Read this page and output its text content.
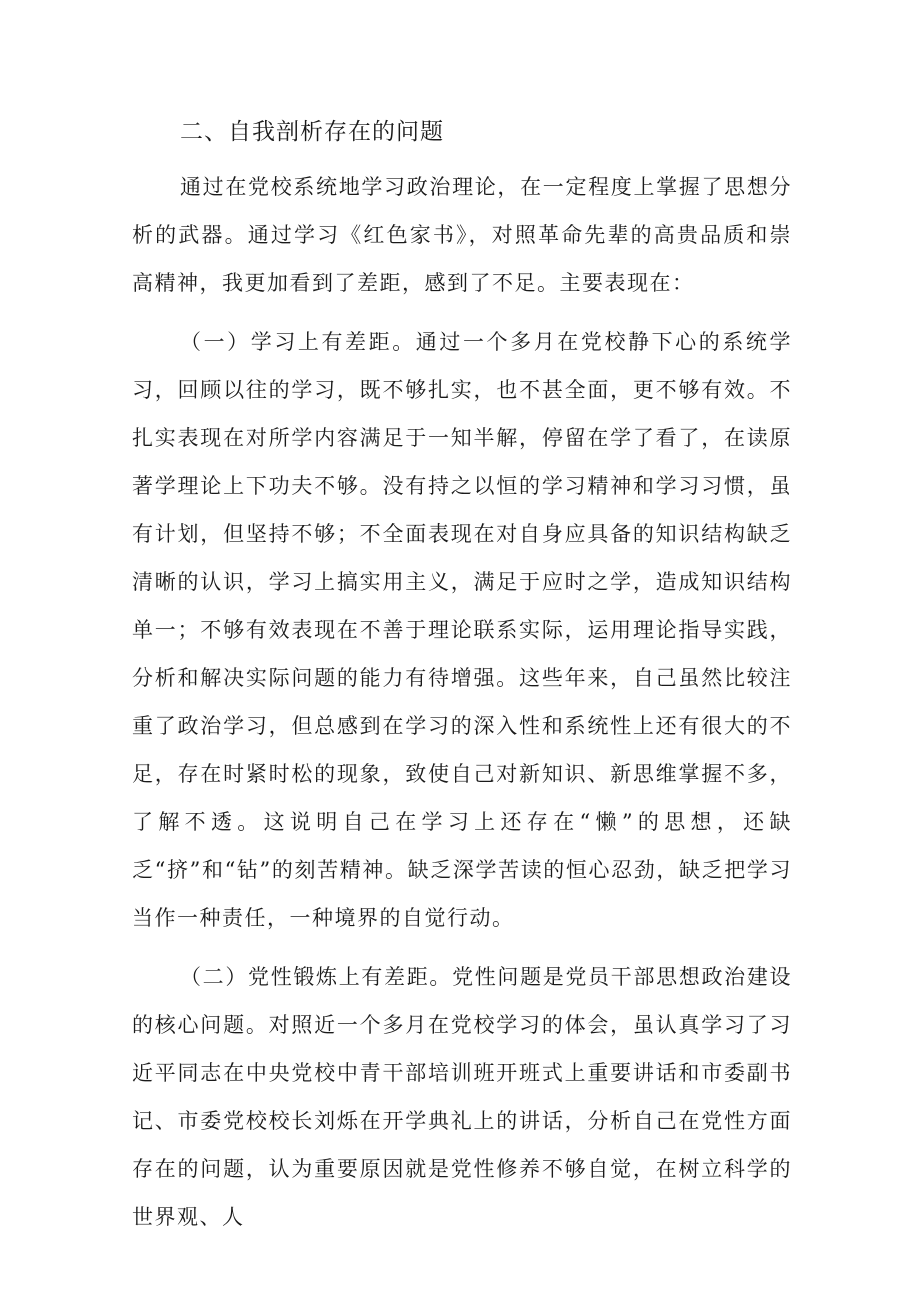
二、自我剖析存在的问题

通过在党校系统地学习政治理论，在一定程度上掌握了思想分析的武器。通过学习《红色家书》，对照革命先辈的高贵品质和崇高精神，我更加看到了差距，感到了不足。主要表现在：

（一）学习上有差距。通过一个多月在党校静下心的系统学习，回顾以往的学习，既不够扎实，也不甚全面，更不够有效。不扎实表现在对所学内容满足于一知半解，停留在学了看了，在读原著学理论上下功夫不够。没有持之以恒的学习精神和学习习惯，虽有计划，但坚持不够；不全面表现在对自身应具备的知识结构缺乏清晰的认识，学习上搞实用主义，满足于应时之学，造成知识结构单一；不够有效表现在不善于理论联系实际，运用理论指导实践，分析和解决实际问题的能力有待增强。这些年来，自己虽然比较注重了政治学习，但总感到在学习的深入性和系统性上还有很大的不足，存在时紧时松的现象，致使自己对新知识、新思维掌握不多，了解不透。这说明自己在学习上还存在“懒”的思想，还缺乏“挤”和“钻”的刻苦精神。缺乏深学苦读的恒心忍劲，缺乏把学习当作一种责任，一种境界的自觉行动。

（二）党性锻炼上有差距。党性问题是党员干部思想政治建设的核心问题。对照近一个多月在党校学习的体会，虽认真学习了习近平同志在中央党校中青干部培训班开班式上重要讲话和市委副书记、市委党校校长刘烁在开学典礼上的讲话，分析自己在党性方面存在的问题，认为重要原因就是党性修养不够自觉，在树立科学的世界观、人
